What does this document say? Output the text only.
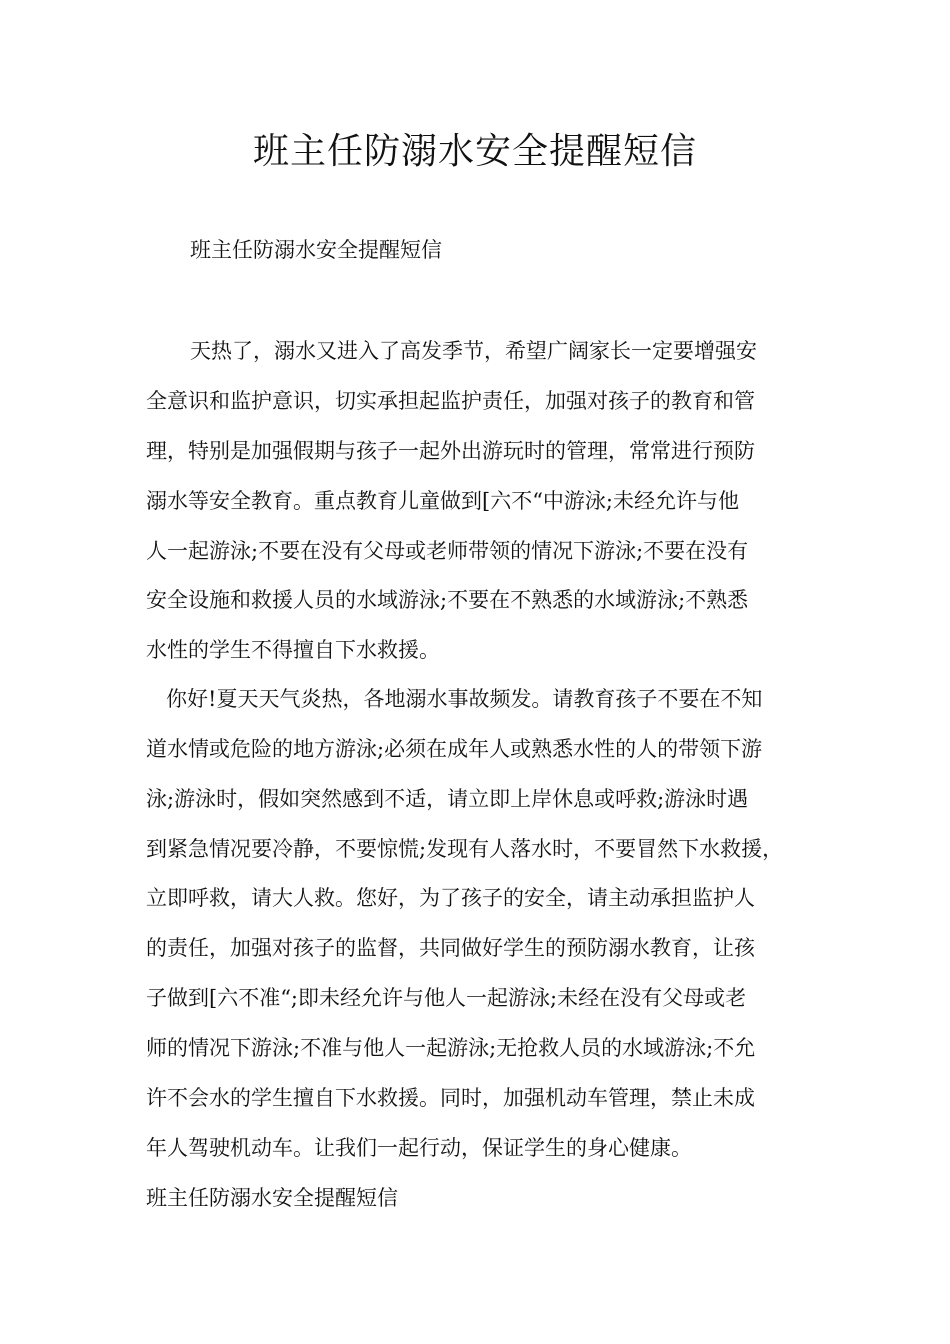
班主任防溺水安全提醒短信

班主任防溺水安全提醒短信

天热了，溺水又进入了高发季节，希望广阔家长一定要增强安

全意识和监护意识，切实承担起监护责任，加强对孩子的教育和管

理，特别是加强假期与孩子一起外出游玩时的管理，常常进行预防

溺水等安全教育。重点教育儿童做到[六不“中游泳;未经允许与他

人一起游泳;不要在没有父母或老师带领的情况下游泳;不要在没有

安全设施和救援人员的水域游泳;不要在不熟悉的水域游泳;不熟悉

水性的学生不得擅自下水救援。

你好!夏天天气炎热，各地溺水事故频发。请教育孩子不要在不知

道水情或危险的地方游泳;必须在成年人或熟悉水性的人的带领下游

泳;游泳时，假如突然感到不适，请立即上岸休息或呼救;游泳时遇

到紧急情况要冷静，不要惊慌;发现有人落水时，不要冒然下水救援，

立即呼救，请大人救。您好，为了孩子的安全，请主动承担监护人

的责任，加强对孩子的监督，共同做好学生的预防溺水教育，让孩

子做到[六不准“;即未经允许与他人一起游泳;未经在没有父母或老

师的情况下游泳;不准与他人一起游泳;无抢救人员的水域游泳;不允

许不会水的学生擅自下水救援。同时，加强机动车管理，禁止未成

年人驾驶机动车。让我们一起行动，保证学生的身心健康。

班主任防溺水安全提醒短信
